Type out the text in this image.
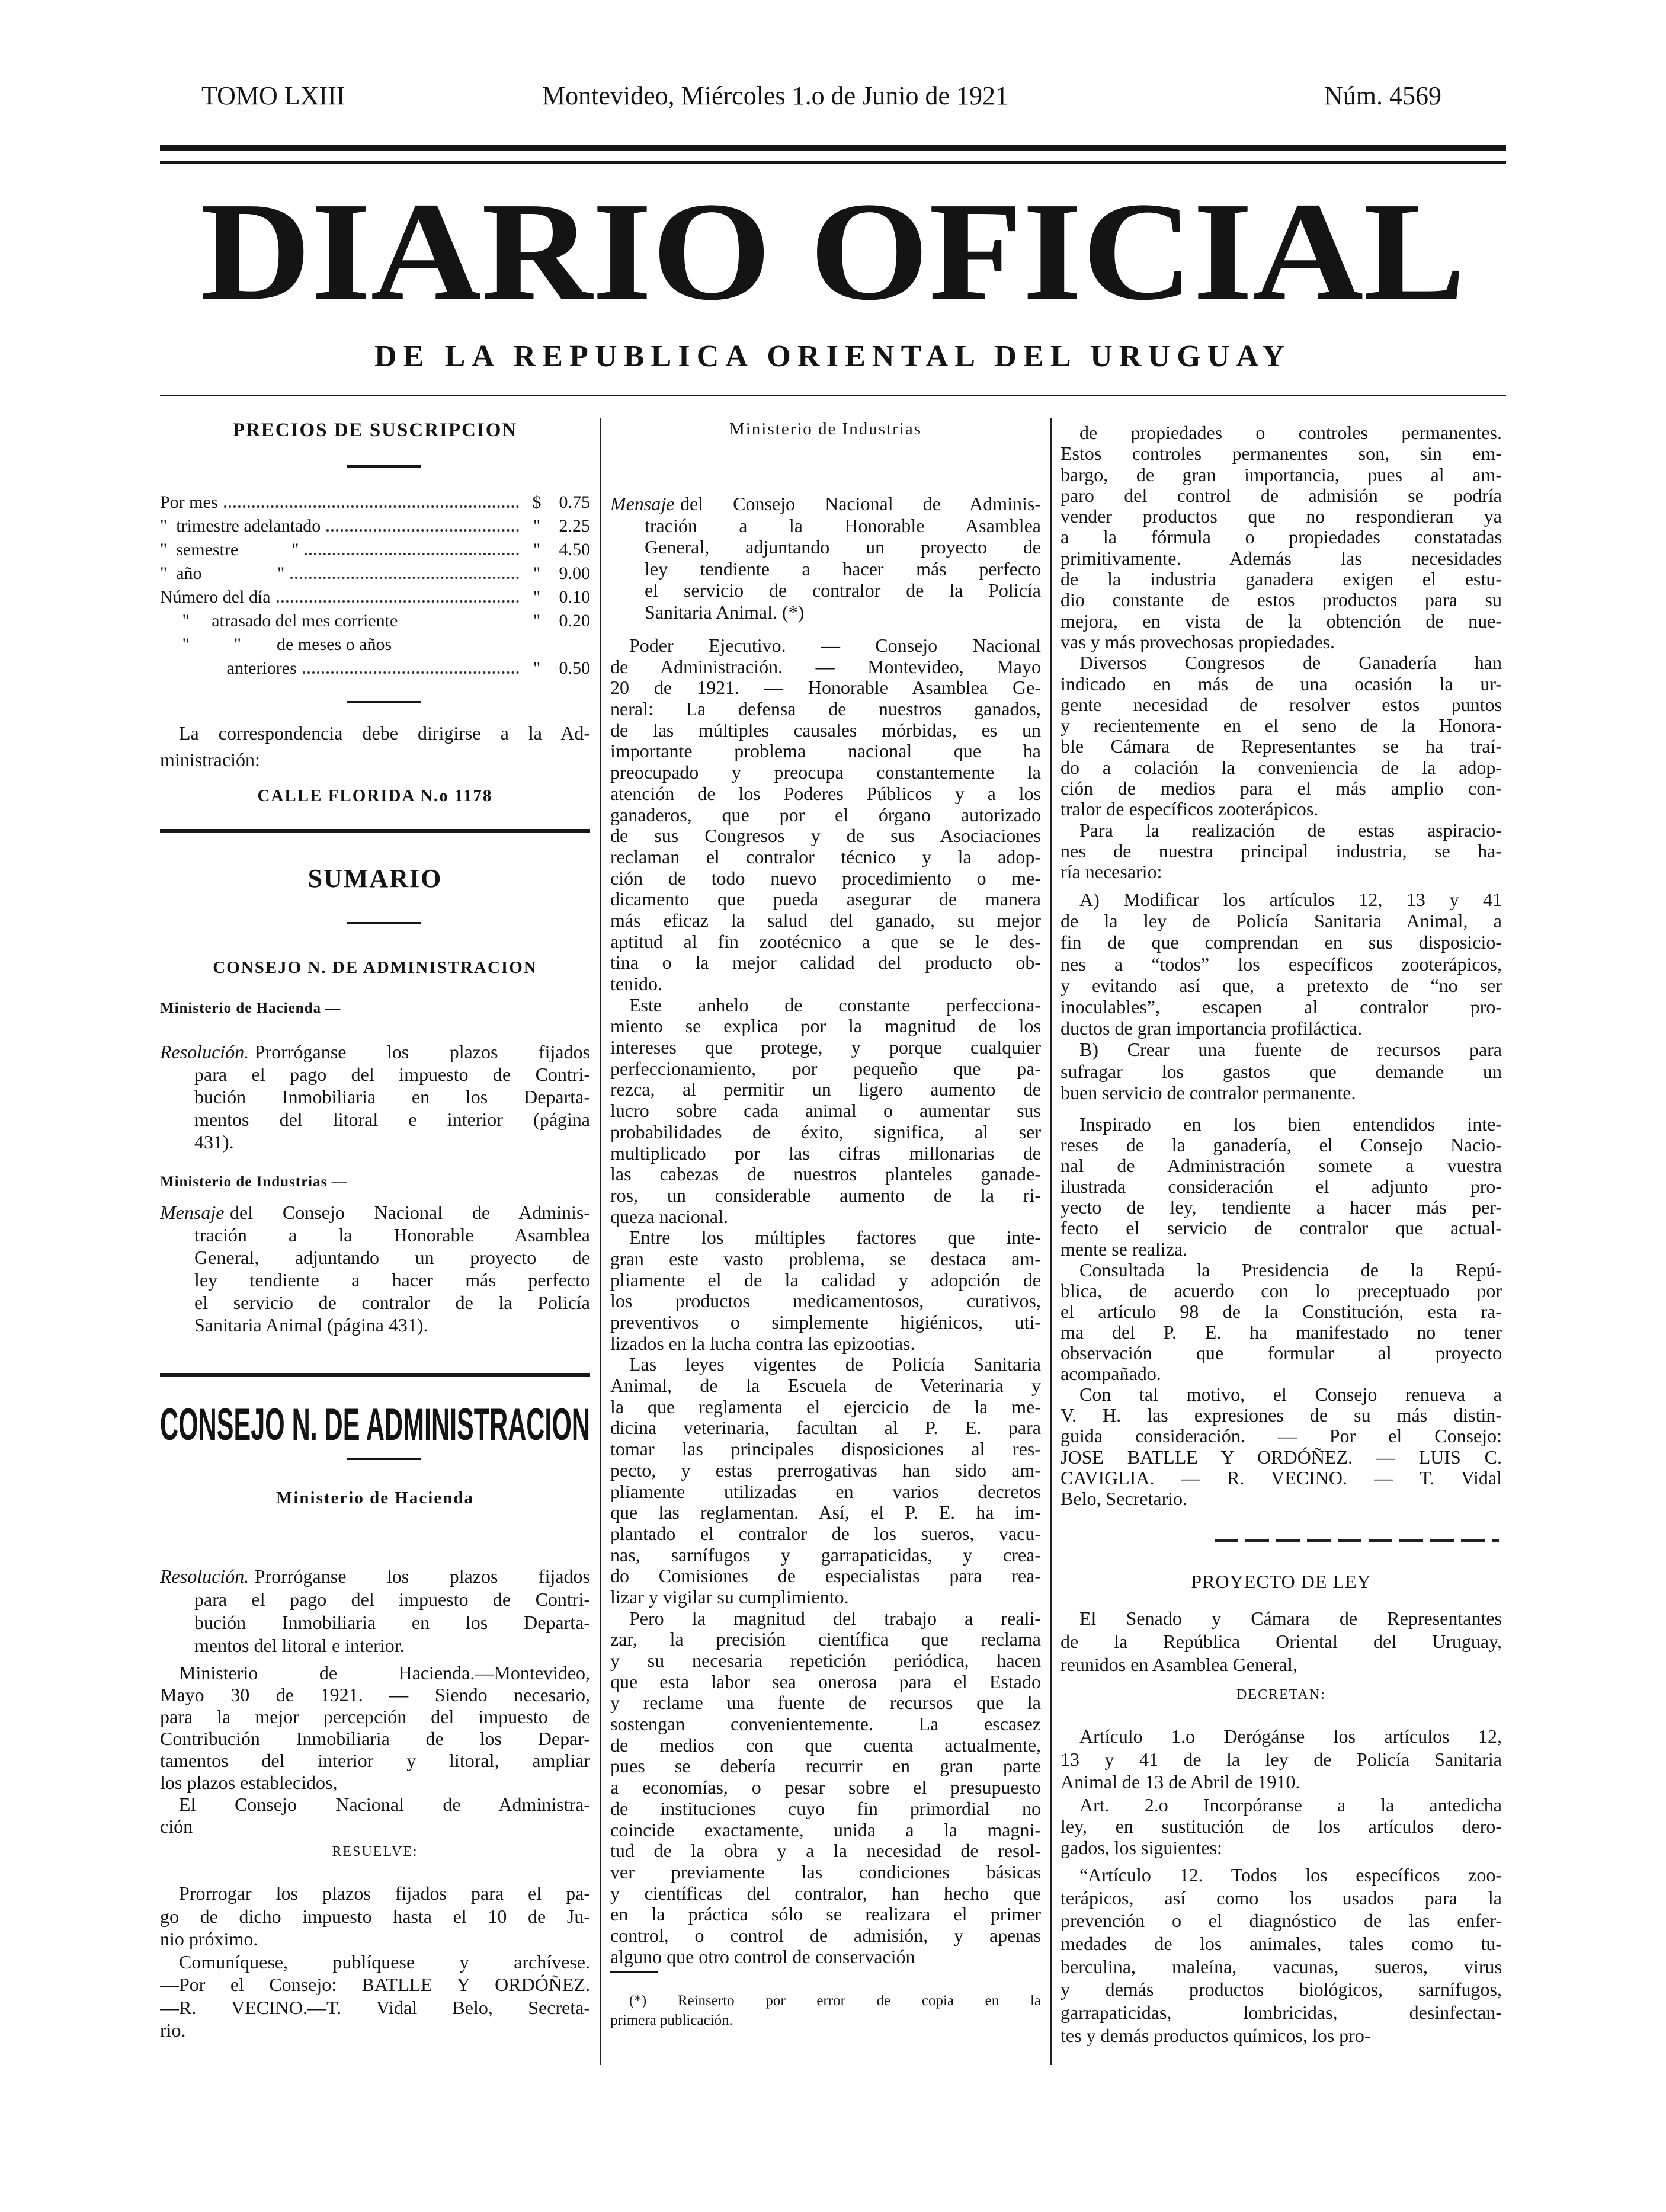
TOMO LXIII	Montevideo, Miércoles 1.o de Junio de 1921	Núm. 4569
DIARIO OFICIAL
DE LA REPUBLICA ORIENTAL DEL URUGUAY
PRECIOS DE SUSCRIPCION
Por mes	$	0.75
"  trimestre adelantado	"	2.25
"  semestre            "	"	4.50
"  año                 "	"	9.00
Número del día	"	0.10
"     atrasado del mes corriente	"	0.20
"          "        de meses o años
anteriores	"	0.50
La correspondencia debe dirigirse a la Ad-
ministración:
CALLE FLORIDA N.o 1178
SUMARIO
CONSEJO N. DE ADMINISTRACION
Ministerio de Hacienda —
Resolución. Prorróganse los plazos fijados
para el pago del impuesto de Contri-
bución Inmobiliaria en los Departa-
mentos del litoral e interior (página
431).
Ministerio de Industrias —
Mensaje del Consejo Nacional de Adminis-
tración a la Honorable Asamblea
General, adjuntando un proyecto de
ley tendiente a hacer más perfecto
el servicio de contralor de la Policía
Sanitaria Animal (página 431).
CONSEJO N. DE ADMINISTRACION
Ministerio de Hacienda
Resolución. Prorróganse los plazos fijados
para el pago del impuesto de Contri-
bución Inmobiliaria en los Departa-
mentos del litoral e interior.
Ministerio de Hacienda.—Montevideo,
Mayo 30 de 1921. — Siendo necesario,
para la mejor percepción del impuesto de
Contribución Inmobiliaria de los Depar-
tamentos del interior y litoral, ampliar
los plazos establecidos,
El Consejo Nacional de Administra-
ción
RESUELVE:
Prorrogar los plazos fijados para el pa-
go de dicho impuesto hasta el 10 de Ju-
nio próximo.
Comuníquese, publíquese y archívese.
—Por el Consejo: BATLLE Y ORDÓÑEZ.
—R. VECINO.—T. Vidal Belo, Secreta-
rio.
Ministerio de Industrias
Mensaje del Consejo Nacional de Adminis-
tración a la Honorable Asamblea
General, adjuntando un proyecto de
ley tendiente a hacer más perfecto
el servicio de contralor de la Policía
Sanitaria Animal. (*)
Poder Ejecutivo. — Consejo Nacional
de Administración. — Montevideo, Mayo
20 de 1921. — Honorable Asamblea Ge-
neral: La defensa de nuestros ganados,
de las múltiples causales mórbidas, es un
importante problema nacional que ha
preocupado y preocupa constantemente la
atención de los Poderes Públicos y a los
ganaderos, que por el órgano autorizado
de sus Congresos y de sus Asociaciones
reclaman el contralor técnico y la adop-
ción de todo nuevo procedimiento o me-
dicamento que pueda asegurar de manera
más eficaz la salud del ganado, su mejor
aptitud al fin zootécnico a que se le des-
tina o la mejor calidad del producto ob-
tenido.
Este anhelo de constante perfecciona-
miento se explica por la magnitud de los
intereses que protege, y porque cualquier
perfeccionamiento, por pequeño que pa-
rezca, al permitir un ligero aumento de
lucro sobre cada animal o aumentar sus
probabilidades de éxito, significa, al ser
multiplicado por las cifras millonarias de
las cabezas de nuestros planteles ganade-
ros, un considerable aumento de la ri-
queza nacional.
Entre los múltiples factores que inte-
gran este vasto problema, se destaca am-
pliamente el de la calidad y adopción de
los productos medicamentosos, curativos,
preventivos o simplemente higiénicos, uti-
lizados en la lucha contra las epizootias.
Las leyes vigentes de Policía Sanitaria
Animal, de la Escuela de Veterinaria y
la que reglamenta el ejercicio de la me-
dicina veterinaria, facultan al P. E. para
tomar las principales disposiciones al res-
pecto, y estas prerrogativas han sido am-
pliamente utilizadas en varios decretos
que las reglamentan. Así, el P. E. ha im-
plantado el contralor de los sueros, vacu-
nas, sarnífugos y garrapaticidas, y crea-
do Comisiones de especialistas para rea-
lizar y vigilar su cumplimiento.
Pero la magnitud del trabajo a reali-
zar, la precisión científica que reclama
y su necesaria repetición periódica, hacen
que esta labor sea onerosa para el Estado
y reclame una fuente de recursos que la
sostengan convenientemente. La escasez
de medios con que cuenta actualmente,
pues se debería recurrir en gran parte
a economías, o pesar sobre el presupuesto
de instituciones cuyo fin primordial no
coincide exactamente, unida a la magni-
tud de la obra y a la necesidad de resol-
ver previamente las condiciones básicas
y científicas del contralor, han hecho que
en la práctica sólo se realizara el primer
control, o control de admisión, y apenas
alguno que otro control de conservación
(*) Reinserto por error de copia en la
primera publicación.
de propiedades o controles permanentes.
Estos controles permanentes son, sin em-
bargo, de gran importancia, pues al am-
paro del control de admisión se podría
vender productos que no respondieran ya
a la fórmula o propiedades constatadas
primitivamente. Además las necesidades
de la industria ganadera exigen el estu-
dio constante de estos productos para su
mejora, en vista de la obtención de nue-
vas y más provechosas propiedades.
Diversos Congresos de Ganadería han
indicado en más de una ocasión la ur-
gente necesidad de resolver estos puntos
y recientemente en el seno de la Honora-
ble Cámara de Representantes se ha traí-
do a colación la conveniencia de la adop-
ción de medios para el más amplio con-
tralor de específicos zooterápicos.
Para la realización de estas aspiracio-
nes de nuestra principal industria, se ha-
ría necesario:
A) Modificar los artículos 12, 13 y 41
de la ley de Policía Sanitaria Animal, a
fin de que comprendan en sus disposicio-
nes a “todos” los específicos zooterápicos,
y evitando así que, a pretexto de “no ser
inoculables”, escapen al contralor pro-
ductos de gran importancia profiláctica.
B) Crear una fuente de recursos para
sufragar los gastos que demande un
buen servicio de contralor permanente.
Inspirado en los bien entendidos inte-
reses de la ganadería, el Consejo Nacio-
nal de Administración somete a vuestra
ilustrada consideración el adjunto pro-
yecto de ley, tendiente a hacer más per-
fecto el servicio de contralor que actual-
mente se realiza.
Consultada la Presidencia de la Repú-
blica, de acuerdo con lo preceptuado por
el artículo 98 de la Constitución, esta ra-
ma del P. E. ha manifestado no tener
observación que formular al proyecto
acompañado.
Con tal motivo, el Consejo renueva a
V. H. las expresiones de su más distin-
guida consideración. — Por el Consejo:
JOSE BATLLE Y ORDÓÑEZ. — LUIS C.
CAVIGLIA. — R. VECINO. — T. Vidal
Belo, Secretario.
PROYECTO DE LEY
El Senado y Cámara de Representantes
de la República Oriental del Uruguay,
reunidos en Asamblea General,
DECRETAN:
Artículo 1.o Derógánse los artículos 12,
13 y 41 de la ley de Policía Sanitaria
Animal de 13 de Abril de 1910.
Art. 2.o Incorpóranse a la antedicha
ley, en sustitución de los artículos dero-
gados, los siguientes:
“Artículo 12. Todos los específicos zoo-
terápicos, así como los usados para la
prevención o el diagnóstico de las enfer-
medades de los animales, tales como tu-
berculina, maleína, vacunas, sueros, virus
y demás productos biológicos, sarnífugos,
garrapaticidas, lombricidas, desinfectan-
tes y demás productos químicos, los pro-
